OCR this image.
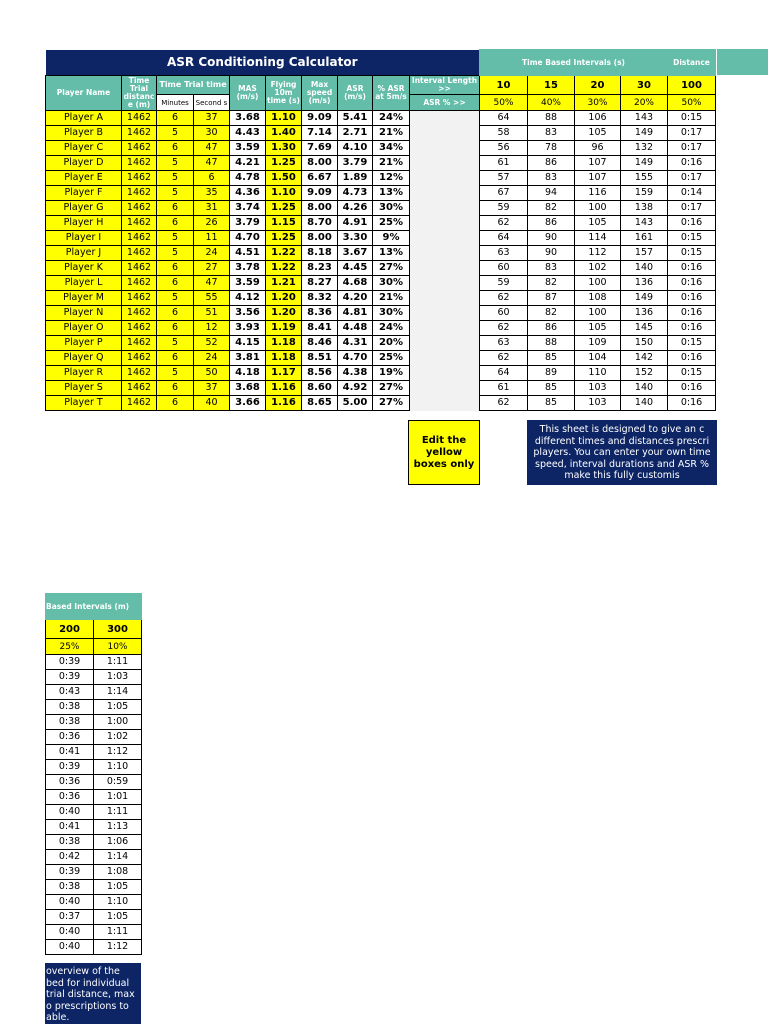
ASR Conditioning Calculator										Time Based Intervals (s)				Distance
Player Name	Time Trial distanc e (m)	Time Trial time		MAS (m/s)	Flying 10m time (s)	Max speed (m/s)	ASR (m/s)	% ASR at 5m/s	Interval Length >>	10	15	20	30	100
		Minutes	Second s						ASR % >>	50%	40%	30%	20%	50%
Player A	1462	6	37	3.68	1.10	9.09	5.41	24%		64	88	106	143	0:15
Player B	1462	5	30	4.43	1.40	7.14	2.71	21%		58	83	105	149	0:17
Player C	1462	6	47	3.59	1.30	7.69	4.10	34%		56	78	96	132	0:17
Player D	1462	5	47	4.21	1.25	8.00	3.79	21%		61	86	107	149	0:16
Player E	1462	5	6	4.78	1.50	6.67	1.89	12%		57	83	107	155	0:17
Player F	1462	5	35	4.36	1.10	9.09	4.73	13%		67	94	116	159	0:14
Player G	1462	6	31	3.74	1.25	8.00	4.26	30%		59	82	100	138	0:17
Player H	1462	6	26	3.79	1.15	8.70	4.91	25%		62	86	105	143	0:16
Player I	1462	5	11	4.70	1.25	8.00	3.30	9%		64	90	114	161	0:15
Player J	1462	5	24	4.51	1.22	8.18	3.67	13%		63	90	112	157	0:15
Player K	1462	6	27	3.78	1.22	8.23	4.45	27%		60	83	102	140	0:16
Player L	1462	6	47	3.59	1.21	8.27	4.68	30%		59	82	100	136	0:16
Player M	1462	5	55	4.12	1.20	8.32	4.20	21%		62	87	108	149	0:16
Player N	1462	6	51	3.56	1.20	8.36	4.81	30%		60	82	100	136	0:16
Player O	1462	6	12	3.93	1.19	8.41	4.48	24%		62	86	105	145	0:16
Player P	1462	5	52	4.15	1.18	8.46	4.31	20%		63	88	109	150	0:15
Player Q	1462	6	24	3.81	1.18	8.51	4.70	25%		62	85	104	142	0:16
Player R	1462	5	50	4.18	1.17	8.56	4.38	19%		64	89	110	152	0:15
Player S	1462	6	37	3.68	1.16	8.60	4.92	27%		61	85	103	140	0:16
Player T	1462	6	40	3.66	1.16	8.65	5.00	27%		62	85	103	140	0:16
Edit the yellow boxes only
This sheet is designed to give an c
different times and distances prescri
players. You can enter your own time
speed, interval durations and ASR %
make this fully customis
Based Intervals (m)	
200	300
25%	10%
0:39	1:11
0:39	1:03
0:43	1:14
0:38	1:05
0:38	1:00
0:36	1:02
0:41	1:12
0:39	1:10
0:36	0:59
0:36	1:01
0:40	1:11
0:41	1:13
0:38	1:06
0:42	1:14
0:39	1:08
0:38	1:05
0:40	1:10
0:37	1:05
0:40	1:11
0:40	1:12
overview of the
bed for individual
trial distance, max
o prescriptions to
able.
